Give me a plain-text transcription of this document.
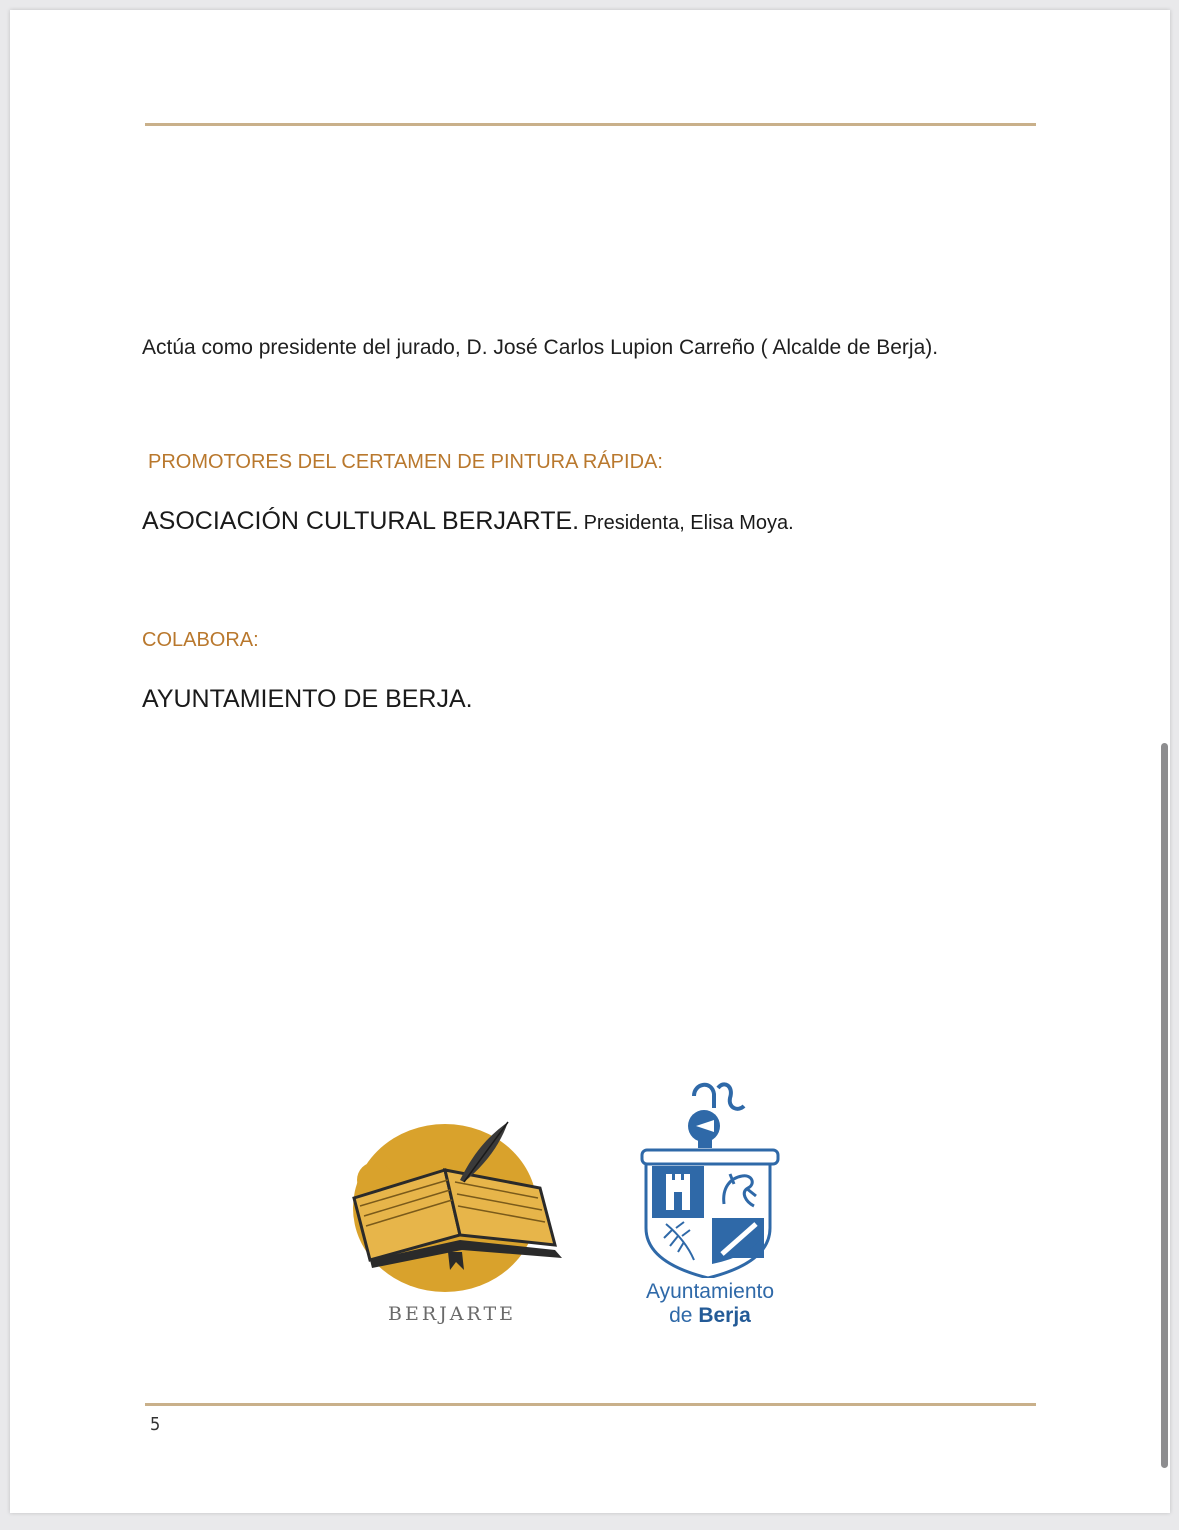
Actúa como presidente del jurado, D. José Carlos Lupion Carreño ( Alcalde de Berja).
PROMOTORES DEL CERTAMEN DE PINTURA RÁPIDA:
ASOCIACIÓN CULTURAL BERJARTE. Presidenta, Elisa Moya.
COLABORA:
AYUNTAMIENTO DE BERJA.
BERJARTE
Ayuntamiento
de Berja
5
